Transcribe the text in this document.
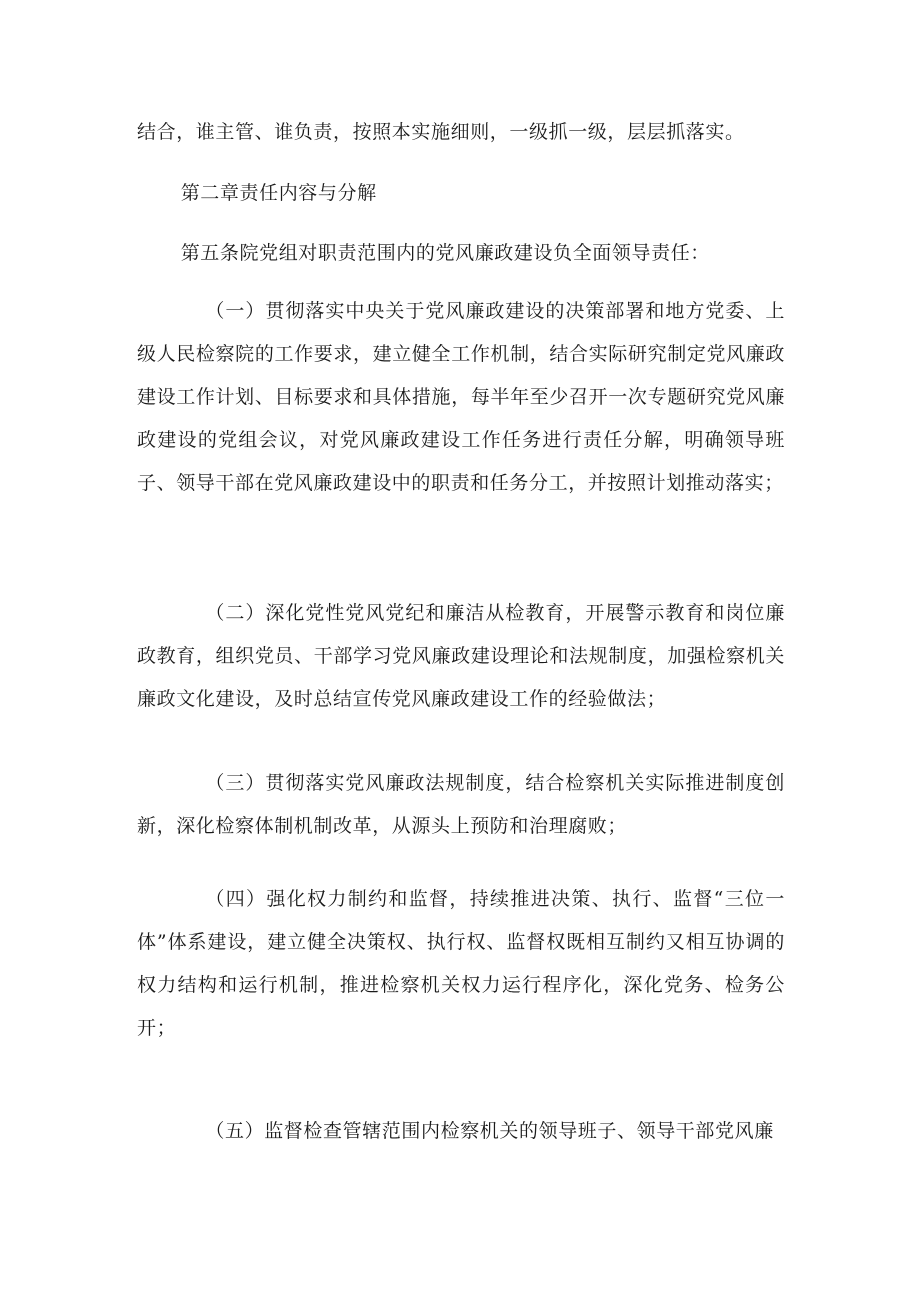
结合，谁主管、谁负责，按照本实施细则，一级抓一级，层层抓落实。

第二章责任内容与分解

第五条院党组对职责范围内的党风廉政建设负全面领导责任：

（一）贯彻落实中央关于党风廉政建设的决策部署和地方党委、上级人民检察院的工作要求，建立健全工作机制，结合实际研究制定党风廉政建设工作计划、目标要求和具体措施，每半年至少召开一次专题研究党风廉政建设的党组会议，对党风廉政建设工作任务进行责任分解，明确领导班子、领导干部在党风廉政建设中的职责和任务分工，并按照计划推动落实；

（二）深化党性党风党纪和廉洁从检教育，开展警示教育和岗位廉政教育，组织党员、干部学习党风廉政建设理论和法规制度，加强检察机关廉政文化建设，及时总结宣传党风廉政建设工作的经验做法；

（三）贯彻落实党风廉政法规制度，结合检察机关实际推进制度创新，深化检察体制机制改革，从源头上预防和治理腐败；

（四）强化权力制约和监督，持续推进决策、执行、监督“三位一体”体系建设，建立健全决策权、执行权、监督权既相互制约又相互协调的权力结构和运行机制，推进检察机关权力运行程序化，深化党务、检务公开；

（五）监督检查管辖范围内检察机关的领导班子、领导干部党风廉
